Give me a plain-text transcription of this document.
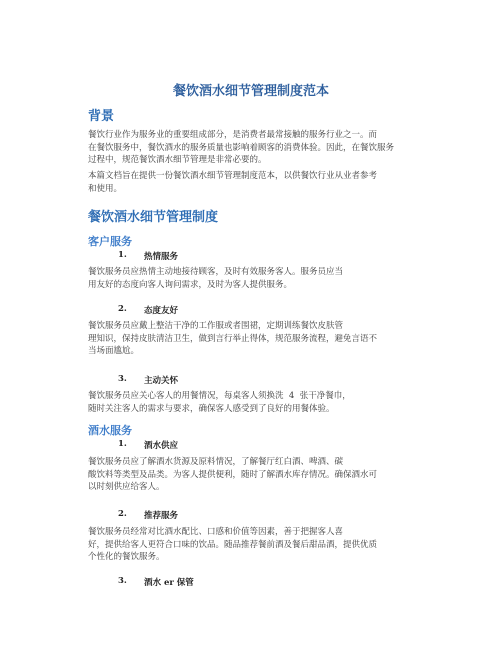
餐饮酒水细节管理制度范本
背景
餐饮行业作为服务业的重要组成部分，是消费者最常接触的服务行业之一。而
在餐饮服务中，餐饮酒水的服务质量也影响着顾客的消费体验。因此，在餐饮服务
过程中，规范餐饮酒水细节管理是非常必要的。
本篇文档旨在提供一份餐饮酒水细节管理制度范本，以供餐饮行业从业者参考
和使用。
餐饮酒水细节管理制度
客户服务
1. 热情服务
餐饮服务员应热情主动地接待顾客，及时有效服务客人。服务员应当
用友好的态度向客人询问需求，及时为客人提供服务。
2. 态度友好
餐饮服务员应戴上整洁干净的工作服或者围裙，定期训练餐饮皮肤管
理知识，保持皮肤清洁卫生，做到言行举止得体，规范服务流程，避免言语不
当场面尴尬。
3. 主动关怀
餐饮服务员应关心客人的用餐情况，每桌客人须换洗  4  张干净餐巾，
随时关注客人的需求与要求，确保客人感受到了良好的用餐体验。
酒水服务
1. 酒水供应
餐饮服务员应了解酒水货源及原料情况，了解餐厅红白酒、啤酒、碳
酸饮料等类型及品类。为客人提供便利，随时了解酒水库存情况。确保酒水可
以时刻供应给客人。
2. 推荐服务
餐饮服务员经常对比酒水配比、口感和价值等因素，善于把握客人喜
好，提供给客人更符合口味的饮品。随品推荐餐前酒及餐后甜品酒，提供优质
个性化的餐饮服务。
3. 酒水 er 保管
